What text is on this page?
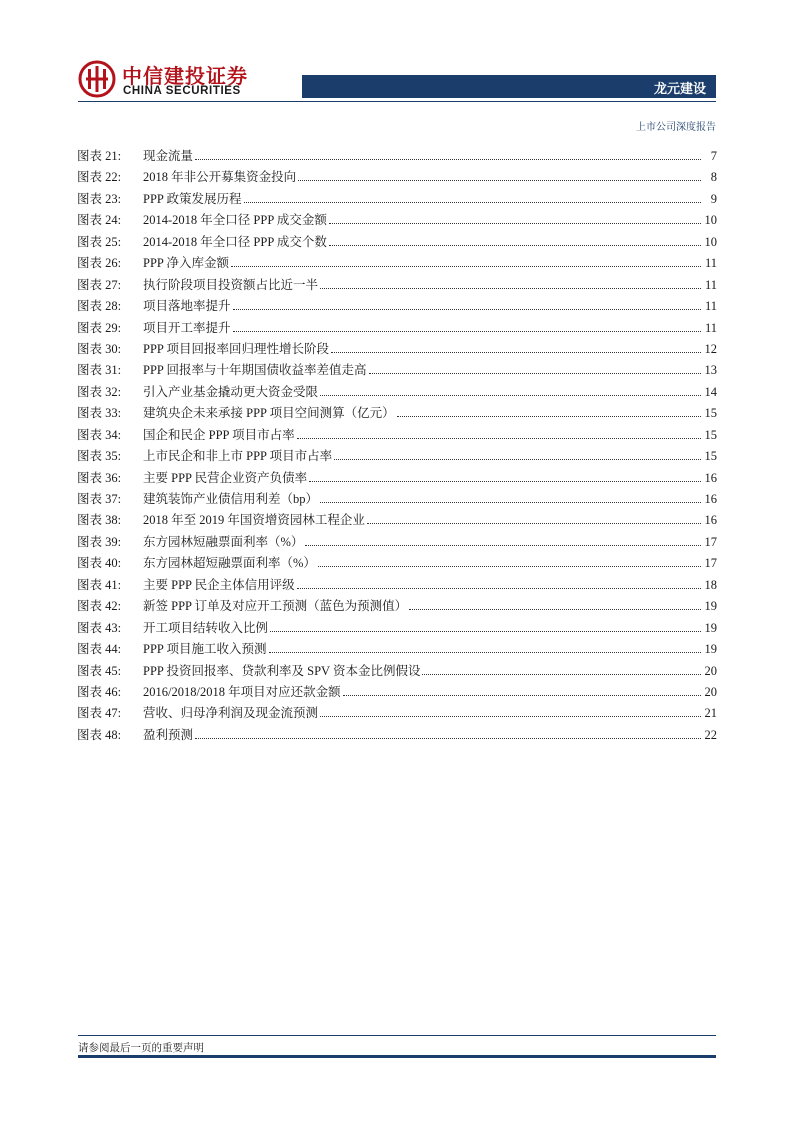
中信建投证券
CHINA SECURITIES	龙元建设
上市公司深度报告
图表 21:	现金流量	7
图表 22:	2018 年非公开募集资金投向	8
图表 23:	PPP 政策发展历程	9
图表 24:	2014-2018 年全口径 PPP 成交金额	10
图表 25:	2014-2018 年全口径 PPP 成交个数	10
图表 26:	PPP 净入库金额	11
图表 27:	执行阶段项目投资额占比近一半	11
图表 28:	项目落地率提升	11
图表 29:	项目开工率提升	11
图表 30:	PPP 项目回报率回归理性增长阶段	12
图表 31:	PPP 回报率与十年期国债收益率差值走高	13
图表 32:	引入产业基金撬动更大资金受限	14
图表 33:	建筑央企未来承接 PPP 项目空间测算（亿元）	15
图表 34:	国企和民企 PPP 项目市占率	15
图表 35:	上市民企和非上市 PPP 项目市占率	15
图表 36:	主要 PPP 民营企业资产负债率	16
图表 37:	建筑装饰产业债信用利差（bp）	16
图表 38:	2018 年至 2019 年国资增资园林工程企业	16
图表 39:	东方园林短融票面利率（%）	17
图表 40:	东方园林超短融票面利率（%）	17
图表 41:	主要 PPP 民企主体信用评级	18
图表 42:	新签 PPP 订单及对应开工预测（蓝色为预测值）	19
图表 43:	开工项目结转收入比例	19
图表 44:	PPP 项目施工收入预测	19
图表 45:	PPP 投资回报率、贷款利率及 SPV 资本金比例假设	20
图表 46:	2016/2018/2018 年项目对应还款金额	20
图表 47:	营收、归母净利润及现金流预测	21
图表 48:	盈利预测	22
请参阅最后一页的重要声明
